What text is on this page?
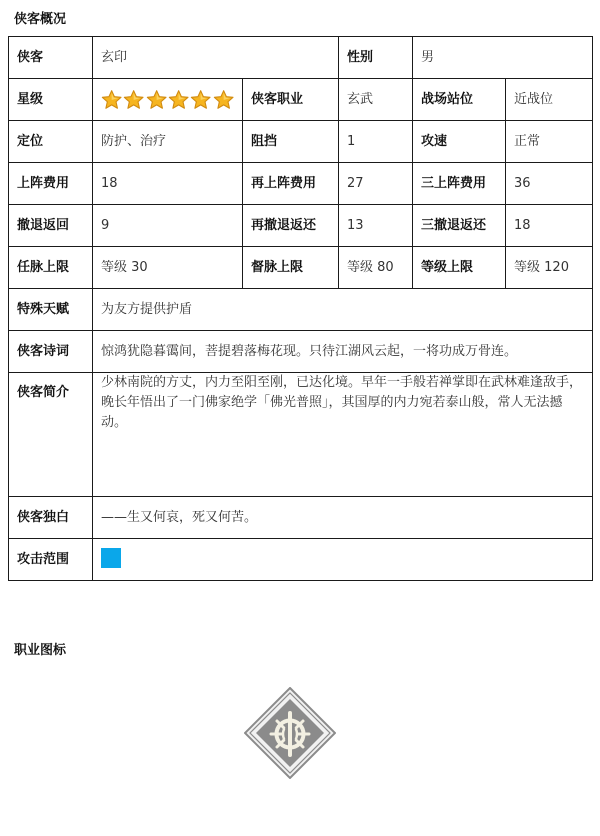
侠客概况
侠客	玄印		性别	男	
星级		侠客职业	玄武	战场站位	近战位
定位	防护、治疗	阻挡	1	攻速	正常
上阵费用	18	再上阵费用	27	三上阵费用	36
撤退返回	9	再撤退返还	13	三撤退返还	18
任脉上限	等级 30	督脉上限	等级 80	等级上限	等级 120
特殊天赋	为友方提供护盾				
侠客诗词	惊鸿犹隐暮霭间，菩提碧落梅花现。只待江湖风云起，一将功成万骨连。				
侠客简介	少林南院的方丈，内力至阳至刚，已达化境。早年一手般若禅掌即在武林难逢敌手，晚长年悟出了一门佛家绝学「佛光普照」，其国厚的内力宛若泰山般，常人无法撼动。				
侠客独白	——生又何哀，死又何苦。				
攻击范围					
职业图标
